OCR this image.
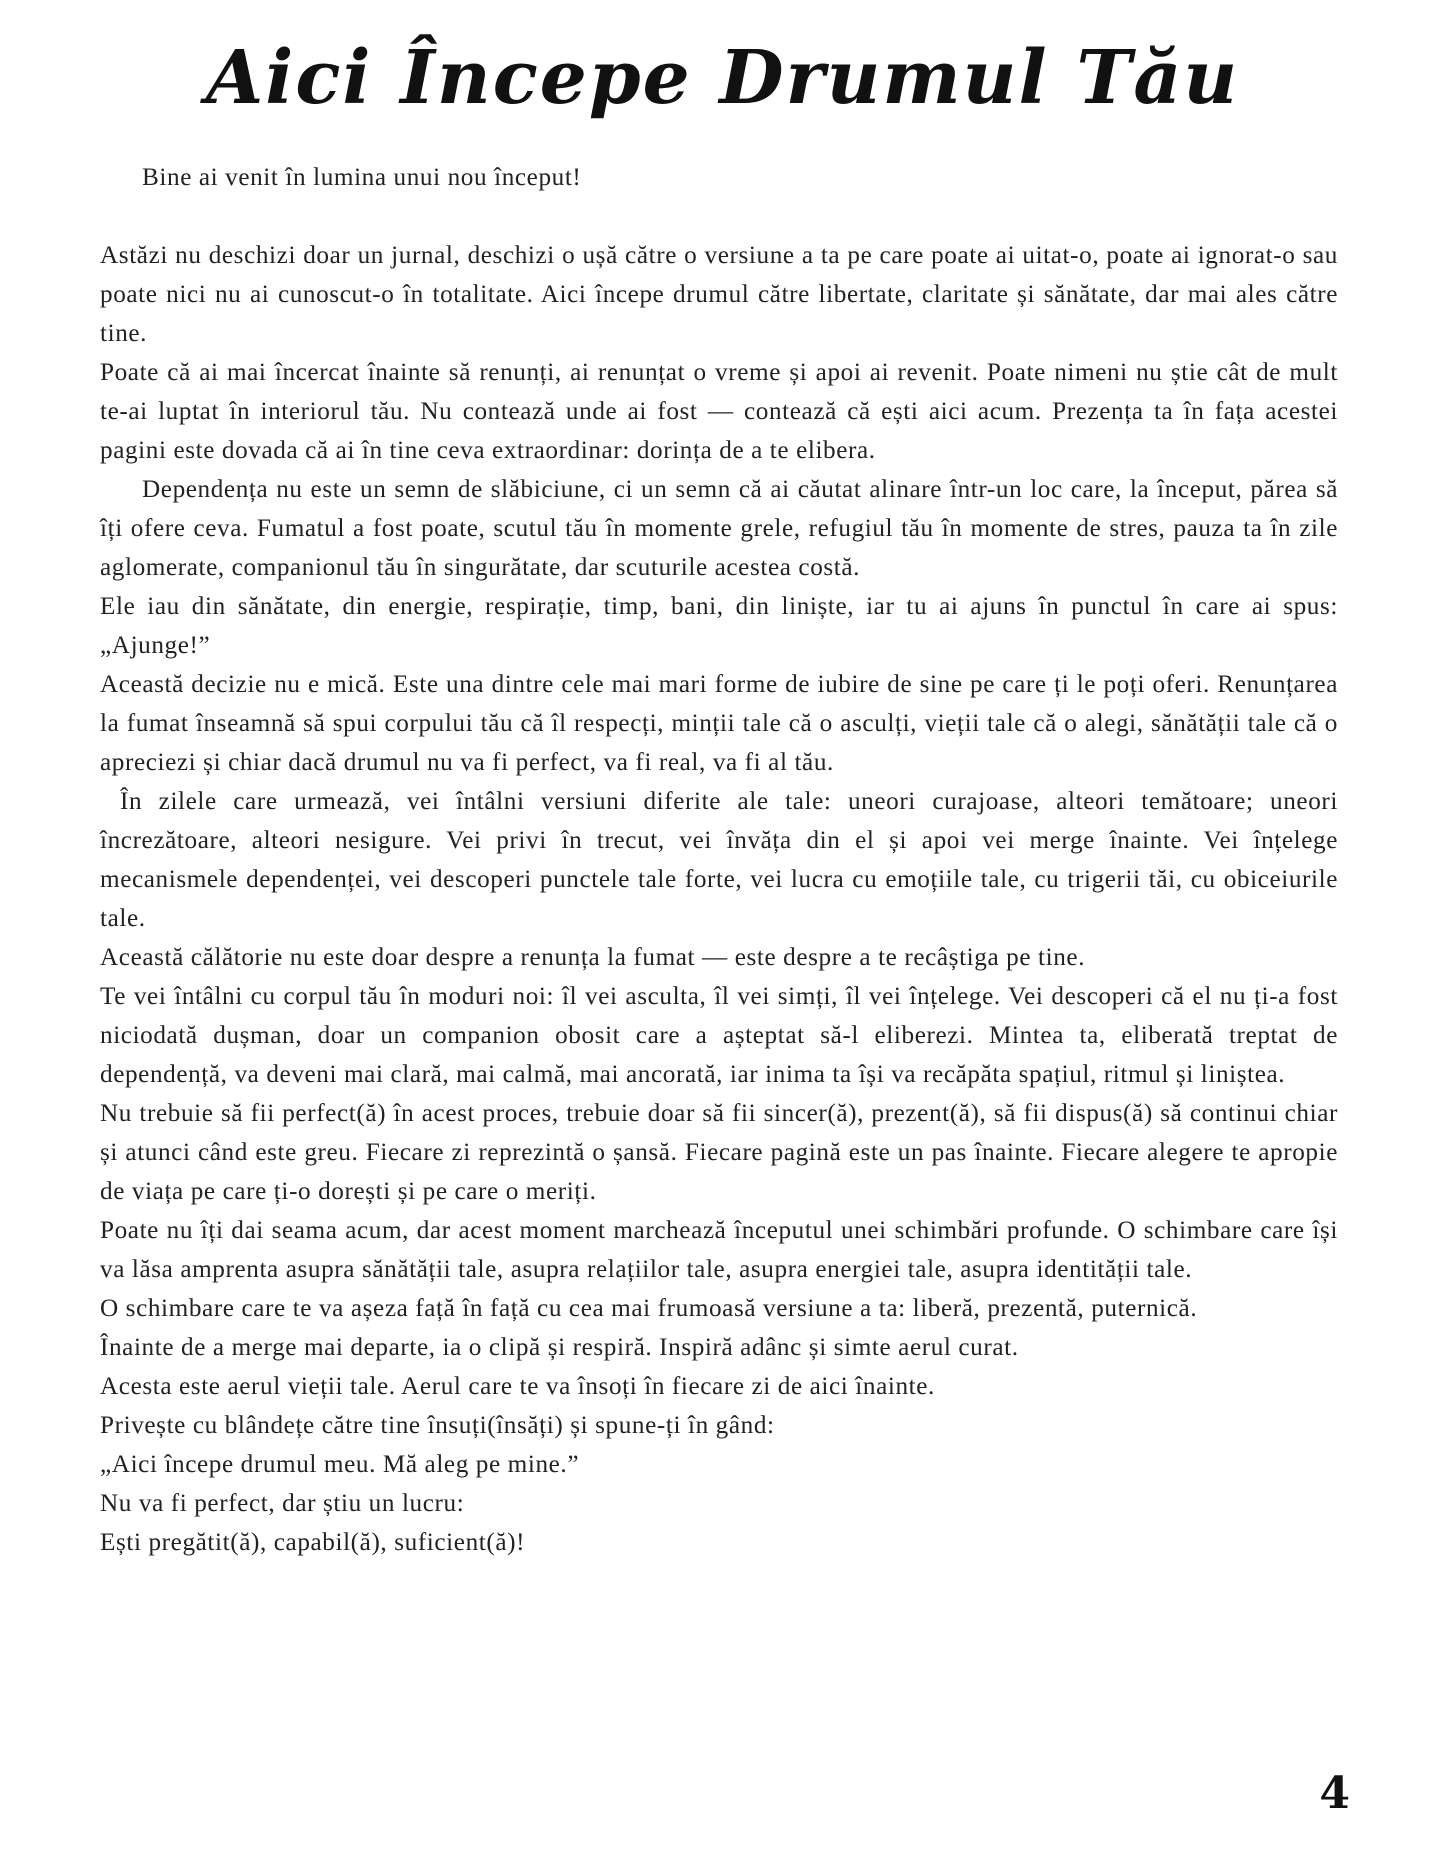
Aici Începe Drumul Tău

Bine ai venit în lumina unui nou început!

Astăzi nu deschizi doar un jurnal, deschizi o ușă către o versiune a ta pe care poate ai uitat-o, poate ai ignorat-o sau poate nici nu ai cunoscut-o în totalitate. Aici începe drumul către libertate, claritate și sănătate, dar mai ales către tine.

Poate că ai mai încercat înainte să renunți, ai renunțat o vreme și apoi ai revenit. Poate nimeni nu știe cât de mult te-ai luptat în interiorul tău. Nu contează unde ai fost — contează că ești aici acum. Prezența ta în fața acestei pagini este dovada că ai în tine ceva extraordinar: dorința de a te elibera.

Dependența nu este un semn de slăbiciune, ci un semn că ai căutat alinare într-un loc care, la început, părea să îți ofere ceva. Fumatul a fost poate, scutul tău în momente grele, refugiul tău în momente de stres, pauza ta în zile aglomerate, companionul tău în singurătate, dar scuturile acestea costă.

Ele iau din sănătate, din energie, respirație, timp, bani, din liniște, iar tu ai ajuns în punctul în care ai spus: „Ajunge!”

Această decizie nu e mică. Este una dintre cele mai mari forme de iubire de sine pe care ți le poți oferi. Renunțarea la fumat înseamnă să spui corpului tău că îl respecți, minții tale că o asculți, vieții tale că o alegi, sănătății tale că o apreciezi și chiar dacă drumul nu va fi perfect, va fi real, va fi al tău.

În zilele care urmează, vei întâlni versiuni diferite ale tale: uneori curajoase, alteori temătoare; uneori încrezătoare, alteori nesigure. Vei privi în trecut, vei învăța din el și apoi vei merge înainte. Vei înțelege mecanismele dependenței, vei descoperi punctele tale forte, vei lucra cu emoțiile tale, cu trigerii tăi, cu obiceiurile tale.

Această călătorie nu este doar despre a renunța la fumat — este despre a te recâștiga pe tine.

Te vei întâlni cu corpul tău în moduri noi: îl vei asculta, îl vei simți, îl vei înțelege. Vei descoperi că el nu ți-a fost niciodată dușman, doar un companion obosit care a așteptat să-l eliberezi. Mintea ta, eliberată treptat de dependență, va deveni mai clară, mai calmă, mai ancorată, iar inima ta își va recăpăta spațiul, ritmul și liniștea.

Nu trebuie să fii perfect(ă) în acest proces, trebuie doar să fii sincer(ă), prezent(ă), să fii dispus(ă) să continui chiar și atunci când este greu. Fiecare zi reprezintă o șansă. Fiecare pagină este un pas înainte. Fiecare alegere te apropie de viața pe care ți-o dorești și pe care o meriți.

Poate nu îți dai seama acum, dar acest moment marchează începutul unei schimbări profunde. O schimbare care își va lăsa amprenta asupra sănătății tale, asupra relațiilor tale, asupra energiei tale, asupra identității tale.

O schimbare care te va așeza față în față cu cea mai frumoasă versiune a ta: liberă, prezentă, puternică.

Înainte de a merge mai departe, ia o clipă și respiră. Inspiră adânc și simte aerul curat.

Acesta este aerul vieții tale. Aerul care te va însoți în fiecare zi de aici înainte.

Privește cu blândețe către tine însuți(însăți) și spune-ți în gând:

„Aici începe drumul meu. Mă aleg pe mine.”

Nu va fi perfect, dar știu un lucru:

Ești pregătit(ă), capabil(ă), suficient(ă)!

4
